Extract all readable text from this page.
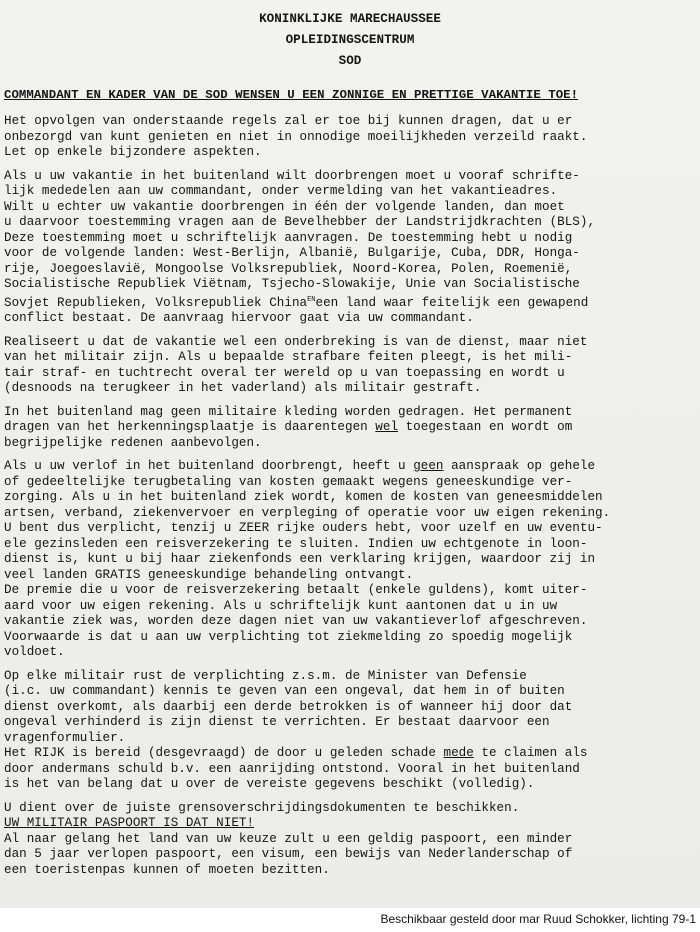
KONINKLIJKE MARECHAUSSEE
OPLEIDINGSCENTRUM
SOD
COMMANDANT EN KADER VAN DE SOD WENSEN U EEN ZONNIGE EN PRETTIGE VAKANTIE TOE!
Het opvolgen van onderstaande regels zal er toe bij kunnen dragen, dat u er
onbezorgd van kunt genieten en niet in onnodige moeilijkheden verzeild raakt.
Let op enkele bijzondere aspekten.
Als u uw vakantie in het buitenland wilt doorbrengen moet u vooraf schrifte-
lijk mededelen aan uw commandant, onder vermelding van het vakantieadres.
Wilt u echter uw vakantie doorbrengen in één der volgende landen, dan moet
u daarvoor toestemming vragen aan de Bevelhebber der Landstrijdkrachten (BLS),
Deze toestemming moet u schriftelijk aanvragen. De toestemming hebt u nodig
voor de volgende landen: West-Berlijn, Albanië, Bulgarije, Cuba, DDR, Honga-
rije, Joegoeslavië, Mongoolse Volksrepubliek, Noord-Korea, Polen, Roemenië,
Socialistische Republiek Viëtnam, Tsjecho-Slowakije, Unie van Socialistische
Sovjet Republieken, Volksrepubliek China$^{EN}$een land waar feitelijk een gewapend
conflict bestaat. De aanvraag hiervoor gaat via uw commandant.
Realiseert u dat de vakantie wel een onderbreking is van de dienst, maar niet
van het militair zijn. Als u bepaalde strafbare feiten pleegt, is het mili-
tair straf- en tuchtrecht overal ter wereld op u van toepassing en wordt u
(desnoods na terugkeer in het vaderland) als militair gestraft.
In het buitenland mag geen militaire kleding worden gedragen. Het permanent
dragen van het herkenningsplaatje is daarentegen wel toegestaan en wordt om
begrijpelijke redenen aanbevolgen.
Als u uw verlof in het buitenland doorbrengt, heeft u geen aanspraak op gehele
of gedeeltelijke terugbetaling van kosten gemaakt wegens geneeskundige ver-
zorging. Als u in het buitenland ziek wordt, komen de kosten van geneesmiddelen
artsen, verband, ziekenvervoer en verpleging of operatie voor uw eigen rekening.
U bent dus verplicht, tenzij u ZEER rijke ouders hebt, voor uzelf en uw eventu-
ele gezinsleden een reisverzekering te sluiten. Indien uw echtgenote in loon-
dienst is, kunt u bij haar ziekenfonds een verklaring krijgen, waardoor zij in
veel landen GRATIS geneeskundige behandeling ontvangt.
De premie die u voor de reisverzekering betaalt (enkele guldens), komt uiter-
aard voor uw eigen rekening. Als u schriftelijk kunt aantonen dat u in uw
vakantie ziek was, worden deze dagen niet van uw vakantieverlof afgeschreven.
Voorwaarde is dat u aan uw verplichting tot ziekmelding zo spoedig mogelijk
voldoet.
Op elke militair rust de verplichting z.s.m. de Minister van Defensie
(i.c. uw commandant) kennis te geven van een ongeval, dat hem in of buiten
dienst overkomt, als daarbij een derde betrokken is of wanneer hij door dat
ongeval verhinderd is zijn dienst te verrichten. Er bestaat daarvoor een
vragenformulier.
Het RIJK is bereid (desgevraagd) de door u geleden schade mede te claimen als
door andermans schuld b.v. een aanrijding ontstond. Vooral in het buitenland
is het van belang dat u over de vereiste gegevens beschikt (volledig).
U dient over de juiste grensoverschrijdingsdokumenten te beschikken.
UW MILITAIR PASPOORT IS DAT NIET!
Al naar gelang het land van uw keuze zult u een geldig paspoort, een minder
dan 5 jaar verlopen paspoort, een visum, een bewijs van Nederlanderschap of
een toeristenpas kunnen of moeten bezitten.
Beschikbaar gesteld door mar Ruud Schokker, lichting 79-1
